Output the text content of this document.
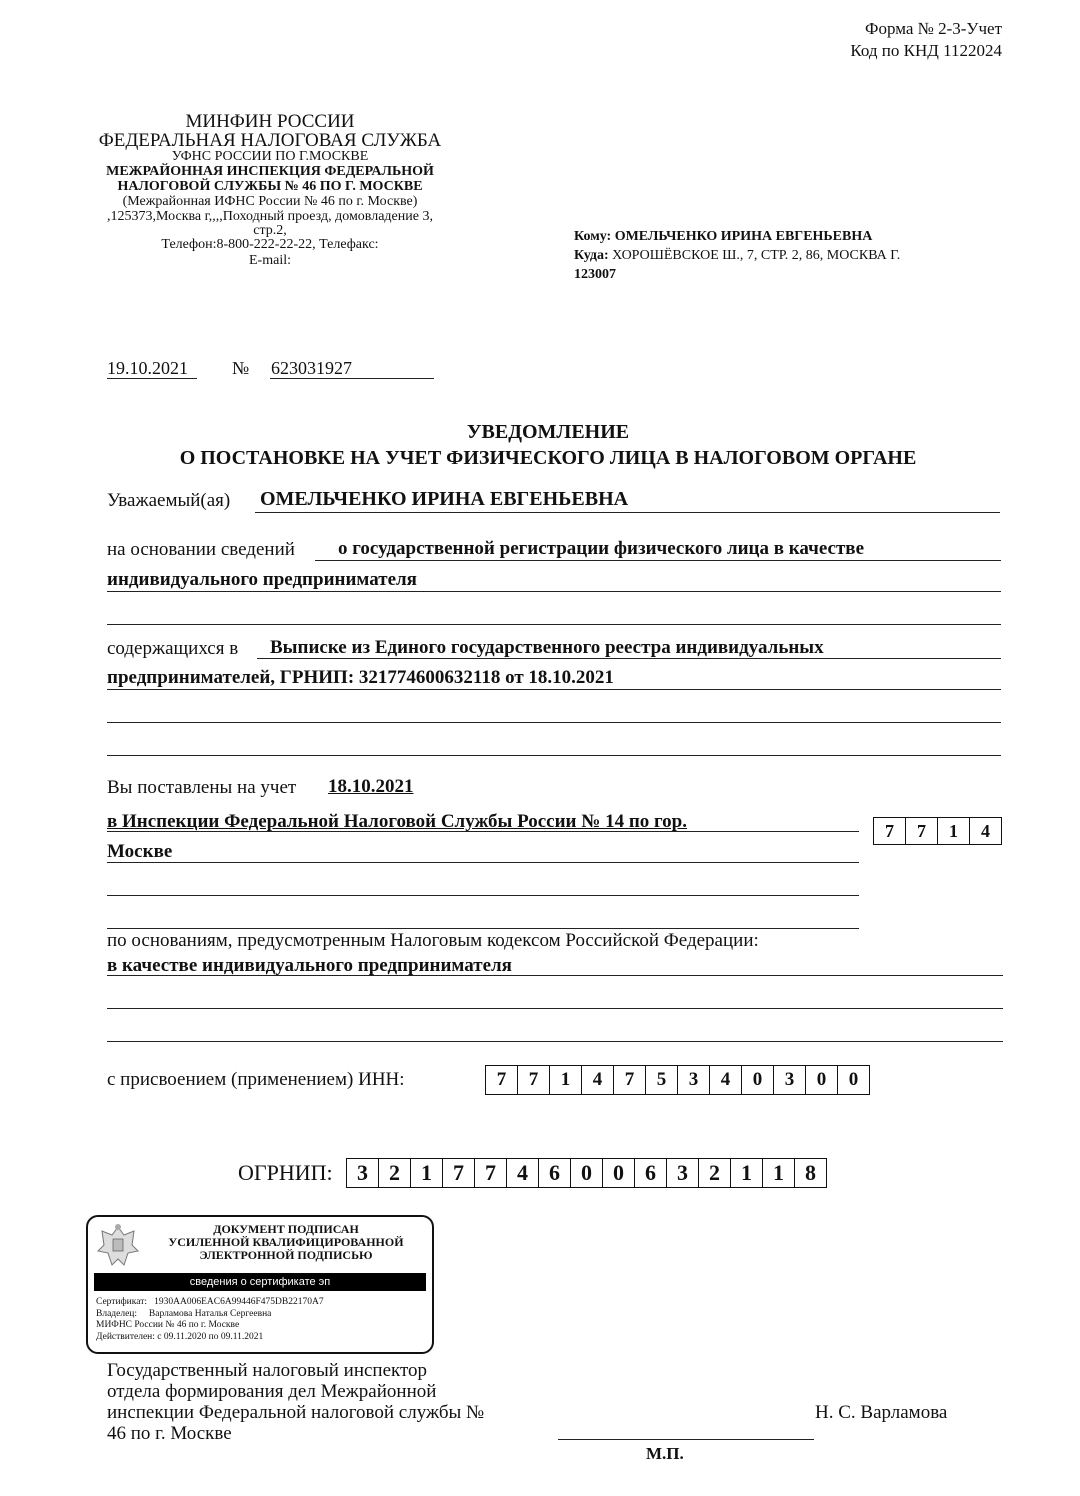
Форма № 2-3-Учет
Код по КНД 1122024
МИНФИН РОССИИ
ФЕДЕРАЛЬНАЯ НАЛОГОВАЯ СЛУЖБА
УФНС РОССИИ ПО Г.МОСКВЕ
МЕЖРАЙОННАЯ ИНСПЕКЦИЯ ФЕДЕРАЛЬНОЙ
НАЛОГОВОЙ СЛУЖБЫ № 46 ПО Г. МОСКВЕ
(Межрайонная ИФНС России № 46 по г. Москве)
,125373,Москва г,,,,Походный проезд, домовладение 3,
стр.2,
Телефон:8-800-222-22-22, Телефакс:
E-mail:
Кому: ОМЕЛЬЧЕНКО ИРИНА ЕВГЕНЬЕВНА
Куда: ХОРОШЁВСКОЕ Ш., 7, СТР. 2, 86, МОСКВА Г.
123007
19.10.2021 № 623031927
УВЕДОМЛЕНИЕ
О ПОСТАНОВКЕ НА УЧЕТ ФИЗИЧЕСКОГО ЛИЦА В НАЛОГОВОМ ОРГАНЕ
Уважаемый(ая) ОМЕЛЬЧЕНКО ИРИНА ЕВГЕНЬЕВНА
на основании сведений о государственной регистрации физического лица в качестве
индивидуального предпринимателя
содержащихся в Выписке из Единого государственного реестра индивидуальных
предпринимателей, ГРНИП: 321774600632118 от 18.10.2021
Вы поставлены на учет 18.10.2021
в Инспекции Федеральной Налоговой Службы России № 14 по гор.
Москве
7	7	1	4
по основаниям, предусмотренным Налоговым кодексом Российской Федерации:
в качестве индивидуального предпринимателя
с присвоением (применением) ИНН:	7	7	1	4	7	5	3	4	0	3	0	0
ОГРНИП:	3 2 1 7 7 4 6 0 0 6 3 2 1 1 8
ДОКУМЕНТ ПОДПИСАН
УСИЛЕННОЙ КВАЛИФИЦИРОВАННОЙ
ЭЛЕКТРОННОЙ ПОДПИСЬЮ
сведения о сертификате эп
Сертификат: 1930AA006EAC6A99446F475DB22170A7
Владелец: Варламова Наталья Сергеевна
МИФНС России № 46 по г. Москве
Действителен: с 09.11.2020 по 09.11.2021
Государственный налоговый инспектор
отдела формирования дел Межрайонной
инспекции Федеральной налоговой службы №
46 по г. Москве
Н. С. Варламова
М.П.
